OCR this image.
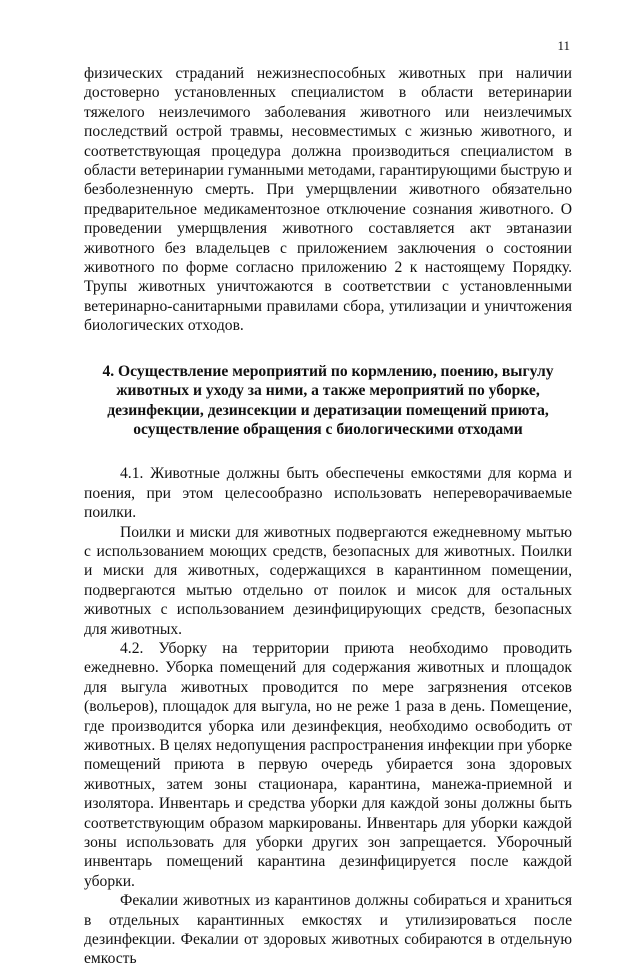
11

физических страданий нежизнеспособных животных при наличии достоверно установленных специалистом в области ветеринарии тяжелого неизлечимого заболевания животного или неизлечимых последствий острой травмы, несовместимых с жизнью животного, и соответствующая процедура должна производиться специалистом в области ветеринарии гуманными методами, гарантирующими быструю и безболезненную смерть. При умерщвлении животного обязательно предварительное медикаментозное отключение сознания животного. О проведении умерщвления животного составляется акт эвтаназии животного без владельцев с приложением заключения о состоянии животного по форме согласно приложению 2 к настоящему Порядку. Трупы животных уничтожаются в соответствии с установленными ветеринарно-санитарными правилами сбора, утилизации и уничтожения биологических отходов.

4. Осуществление мероприятий по кормлению, поению, выгулу животных и уходу за ними, а также мероприятий по уборке, дезинфекции, дезинсекции и дератизации помещений приюта, осуществление обращения с биологическими отходами

4.1. Животные должны быть обеспечены емкостями для корма и поения, при этом целесообразно использовать непереворачиваемые поилки.

Поилки и миски для животных подвергаются ежедневному мытью с использованием моющих средств, безопасных для животных. Поилки и миски для животных, содержащихся в карантинном помещении, подвергаются мытью отдельно от поилок и мисок для остальных животных с использованием дезинфицирующих средств, безопасных для животных.

4.2. Уборку на территории приюта необходимо проводить ежедневно. Уборка помещений для содержания животных и площадок для выгула животных проводится по мере загрязнения отсеков (вольеров), площадок для выгула, но не реже 1 раза в день. Помещение, где производится уборка или дезинфекция, необходимо освободить от животных. В целях недопущения распространения инфекции при уборке помещений приюта в первую очередь убирается зона здоровых животных, затем зоны стационара, карантина, манежа-приемной и изолятора. Инвентарь и средства уборки для каждой зоны должны быть соответствующим образом маркированы. Инвентарь для уборки каждой зоны использовать для уборки других зон запрещается. Уборочный инвентарь помещений карантина дезинфицируется после каждой уборки.

Фекалии животных из карантинов должны собираться и храниться в отдельных карантинных емкостях и утилизироваться после дезинфекции. Фекалии от здоровых животных собираются в отдельную емкость
